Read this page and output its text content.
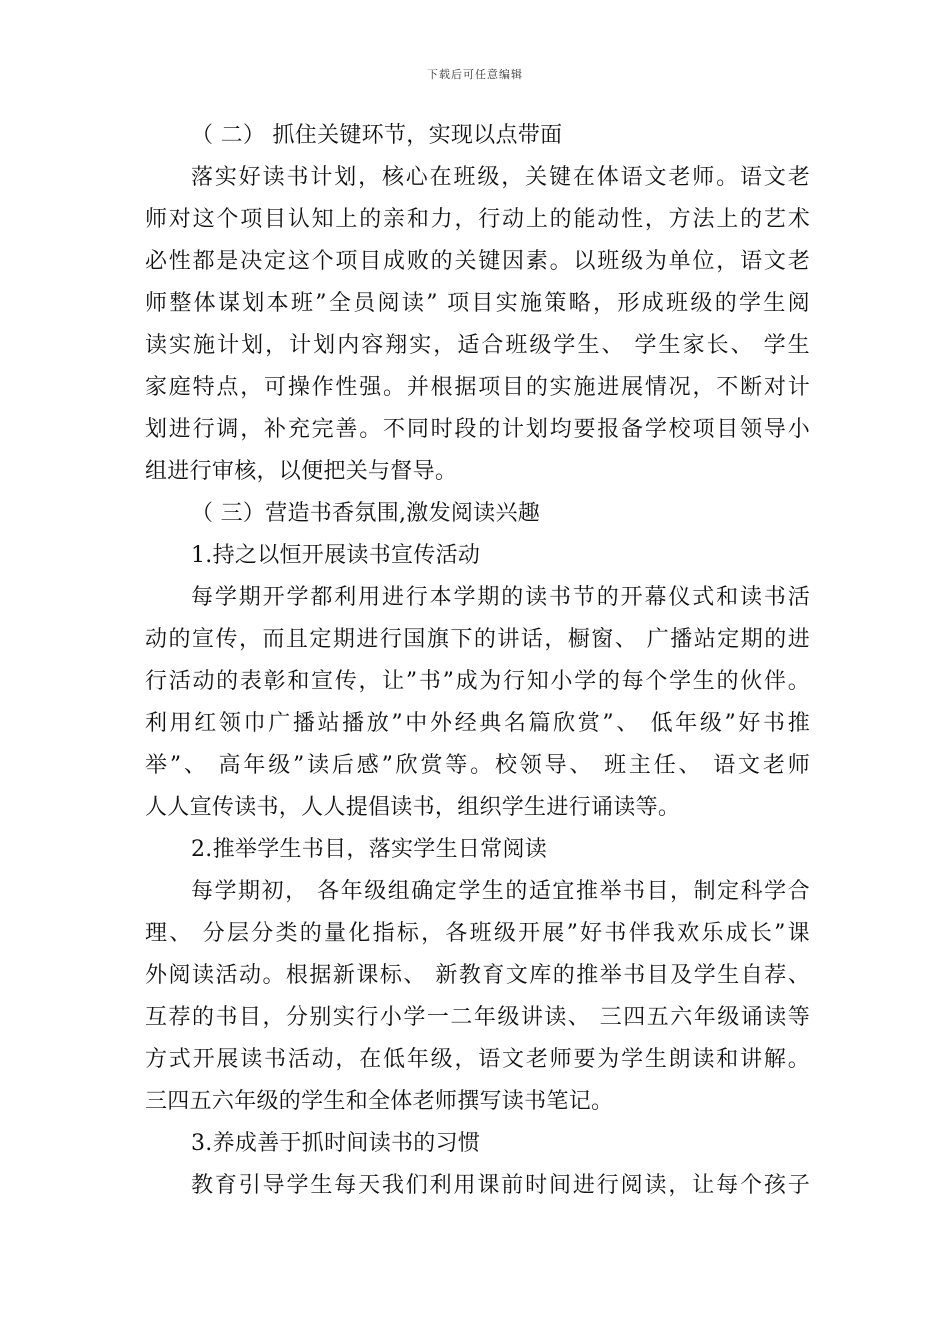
下载后可任意编辑
（ 二） 抓住关键环节，实现以点带面
落实好读书计划，核心在班级，关键在体语文老师。语文老
师对这个项目认知上的亲和力，行动上的能动性，方法上的艺术
必性都是决定这个项目成败的关键因素。以班级为单位，语文老
师整体谋划本班”全员阅读” 项目实施策略，形成班级的学生阅
读实施计划，计划内容翔实，适合班级学生、 学生家长、 学生
家庭特点，可操作性强。并根据项目的实施进展情况，不断对计
划进行调，补充完善。不同时段的计划均要报备学校项目领导小
组进行审核，以便把关与督导。
（ 三）营造书香氛围,激发阅读兴趣
1.持之以恒开展读书宣传活动
每学期开学都利用进行本学期的读书节的开幕仪式和读书活
动的宣传，而且定期进行国旗下的讲话，橱窗、 广播站定期的进
行活动的表彰和宣传，让”书”成为行知小学的每个学生的伙伴。
利用红领巾广播站播放”中外经典名篇欣赏”、 低年级”好书推
举”、 高年级”读后感”欣赏等。校领导、 班主任、 语文老师
人人宣传读书，人人提倡读书，组织学生进行诵读等。
2.推举学生书目，落实学生日常阅读
每学期初， 各年级组确定学生的适宜推举书目，制定科学合
理、 分层分类的量化指标，各班级开展”好书伴我欢乐成长”课
外阅读活动。根据新课标、 新教育文库的推举书目及学生自荐、
互荐的书目，分别实行小学一二年级讲读、 三四五六年级诵读等
方式开展读书活动，在低年级，语文老师要为学生朗读和讲解。
三四五六年级的学生和全体老师撰写读书笔记。
3.养成善于抓时间读书的习惯
教育引导学生每天我们利用课前时间进行阅读，让每个孩子
